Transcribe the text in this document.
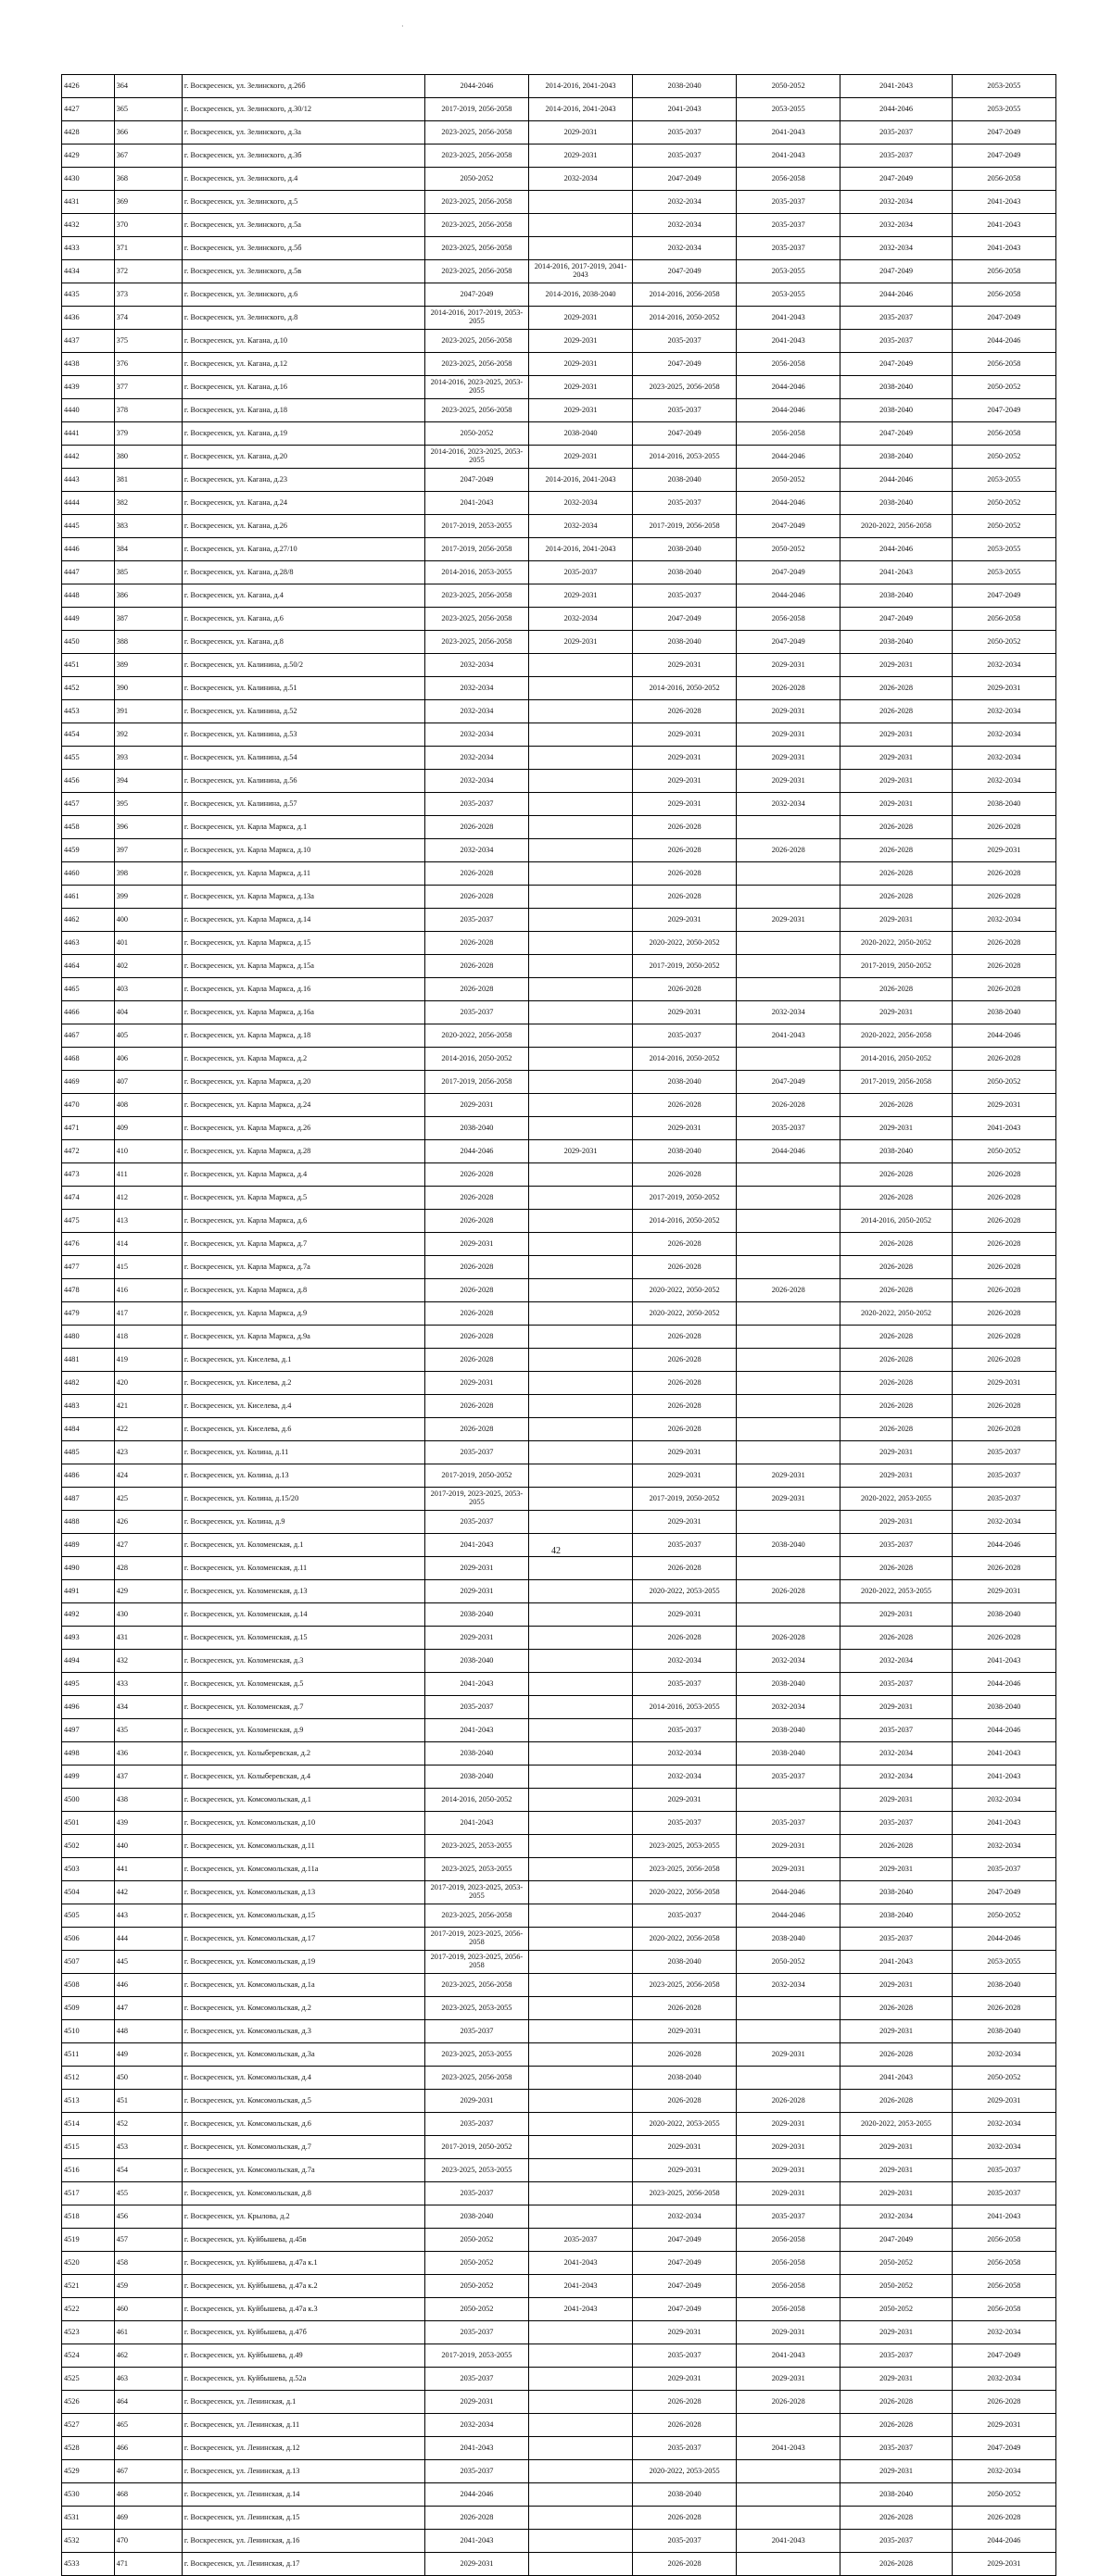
·
4426	364	г. Воскресенск, ул. Зелинского, д.26б	2044-2046	2014-2016, 2041-2043	2038-2040	2050-2052	2041-2043	2053-2055
4427	365	г. Воскресенск, ул. Зелинского, д.30/12	2017-2019, 2056-2058	2014-2016, 2041-2043	2041-2043	2053-2055	2044-2046	2053-2055
4428	366	г. Воскресенск, ул. Зелинского, д.3а	2023-2025, 2056-2058	2029-2031	2035-2037	2041-2043	2035-2037	2047-2049
4429	367	г. Воскресенск, ул. Зелинского, д.3б	2023-2025, 2056-2058	2029-2031	2035-2037	2041-2043	2035-2037	2047-2049
4430	368	г. Воскресенск, ул. Зелинского, д.4	2050-2052	2032-2034	2047-2049	2056-2058	2047-2049	2056-2058
4431	369	г. Воскресенск, ул. Зелинского, д.5	2023-2025, 2056-2058		2032-2034	2035-2037	2032-2034	2041-2043
4432	370	г. Воскресенск, ул. Зелинского, д.5а	2023-2025, 2056-2058		2032-2034	2035-2037	2032-2034	2041-2043
4433	371	г. Воскресенск, ул. Зелинского, д.5б	2023-2025, 2056-2058		2032-2034	2035-2037	2032-2034	2041-2043
4434	372	г. Воскресенск, ул. Зелинского, д.5в	2023-2025, 2056-2058	2014-2016, 2017-2019, 2041-2043	2047-2049	2053-2055	2047-2049	2056-2058
4435	373	г. Воскресенск, ул. Зелинского, д.6	2047-2049	2014-2016, 2038-2040	2014-2016, 2056-2058	2053-2055	2044-2046	2056-2058
4436	374	г. Воскресенск, ул. Зелинского, д.8	2014-2016, 2017-2019, 2053-2055	2029-2031	2014-2016, 2050-2052	2041-2043	2035-2037	2047-2049
4437	375	г. Воскресенск, ул. Кагана, д.10	2023-2025, 2056-2058	2029-2031	2035-2037	2041-2043	2035-2037	2044-2046
4438	376	г. Воскресенск, ул. Кагана, д.12	2023-2025, 2056-2058	2029-2031	2047-2049	2056-2058	2047-2049	2056-2058
4439	377	г. Воскресенск, ул. Кагана, д.16	2014-2016, 2023-2025, 2053-2055	2029-2031	2023-2025, 2056-2058	2044-2046	2038-2040	2050-2052
4440	378	г. Воскресенск, ул. Кагана, д.18	2023-2025, 2056-2058	2029-2031	2035-2037	2044-2046	2038-2040	2047-2049
4441	379	г. Воскресенск, ул. Кагана, д.19	2050-2052	2038-2040	2047-2049	2056-2058	2047-2049	2056-2058
4442	380	г. Воскресенск, ул. Кагана, д.20	2014-2016, 2023-2025, 2053-2055	2029-2031	2014-2016, 2053-2055	2044-2046	2038-2040	2050-2052
4443	381	г. Воскресенск, ул. Кагана, д.23	2047-2049	2014-2016, 2041-2043	2038-2040	2050-2052	2044-2046	2053-2055
4444	382	г. Воскресенск, ул. Кагана, д.24	2041-2043	2032-2034	2035-2037	2044-2046	2038-2040	2050-2052
4445	383	г. Воскресенск, ул. Кагана, д.26	2017-2019, 2053-2055	2032-2034	2017-2019, 2056-2058	2047-2049	2020-2022, 2056-2058	2050-2052
4446	384	г. Воскресенск, ул. Кагана, д.27/10	2017-2019, 2056-2058	2014-2016, 2041-2043	2038-2040	2050-2052	2044-2046	2053-2055
4447	385	г. Воскресенск, ул. Кагана, д.28/8	2014-2016, 2053-2055	2035-2037	2038-2040	2047-2049	2041-2043	2053-2055
4448	386	г. Воскресенск, ул. Кагана, д.4	2023-2025, 2056-2058	2029-2031	2035-2037	2044-2046	2038-2040	2047-2049
4449	387	г. Воскресенск, ул. Кагана, д.6	2023-2025, 2056-2058	2032-2034	2047-2049	2056-2058	2047-2049	2056-2058
4450	388	г. Воскресенск, ул. Кагана, д.8	2023-2025, 2056-2058	2029-2031	2038-2040	2047-2049	2038-2040	2050-2052
4451	389	г. Воскресенск, ул. Калинина, д.50/2	2032-2034		2029-2031	2029-2031	2029-2031	2032-2034
4452	390	г. Воскресенск, ул. Калинина, д.51	2032-2034		2014-2016, 2050-2052	2026-2028	2026-2028	2029-2031
4453	391	г. Воскресенск, ул. Калинина, д.52	2032-2034		2026-2028	2029-2031	2026-2028	2032-2034
4454	392	г. Воскресенск, ул. Калинина, д.53	2032-2034		2029-2031	2029-2031	2029-2031	2032-2034
4455	393	г. Воскресенск, ул. Калинина, д.54	2032-2034		2029-2031	2029-2031	2029-2031	2032-2034
4456	394	г. Воскресенск, ул. Калинина, д.56	2032-2034		2029-2031	2029-2031	2029-2031	2032-2034
4457	395	г. Воскресенск, ул. Калинина, д.57	2035-2037		2029-2031	2032-2034	2029-2031	2038-2040
4458	396	г. Воскресенск, ул. Карла Маркса, д.1	2026-2028		2026-2028		2026-2028	2026-2028
4459	397	г. Воскресенск, ул. Карла Маркса, д.10	2032-2034		2026-2028	2026-2028	2026-2028	2029-2031
4460	398	г. Воскресенск, ул. Карла Маркса, д.11	2026-2028		2026-2028		2026-2028	2026-2028
4461	399	г. Воскресенск, ул. Карла Маркса, д.13а	2026-2028		2026-2028		2026-2028	2026-2028
4462	400	г. Воскресенск, ул. Карла Маркса, д.14	2035-2037		2029-2031	2029-2031	2029-2031	2032-2034
4463	401	г. Воскресенск, ул. Карла Маркса, д.15	2026-2028		2020-2022, 2050-2052		2020-2022, 2050-2052	2026-2028
4464	402	г. Воскресенск, ул. Карла Маркса, д.15а	2026-2028		2017-2019, 2050-2052		2017-2019, 2050-2052	2026-2028
4465	403	г. Воскресенск, ул. Карла Маркса, д.16	2026-2028		2026-2028		2026-2028	2026-2028
4466	404	г. Воскресенск, ул. Карла Маркса, д.16а	2035-2037		2029-2031	2032-2034	2029-2031	2038-2040
4467	405	г. Воскресенск, ул. Карла Маркса, д.18	2020-2022, 2056-2058		2035-2037	2041-2043	2020-2022, 2056-2058	2044-2046
4468	406	г. Воскресенск, ул. Карла Маркса, д.2	2014-2016, 2050-2052		2014-2016, 2050-2052		2014-2016, 2050-2052	2026-2028
4469	407	г. Воскресенск, ул. Карла Маркса, д.20	2017-2019, 2056-2058		2038-2040	2047-2049	2017-2019, 2056-2058	2050-2052
4470	408	г. Воскресенск, ул. Карла Маркса, д.24	2029-2031		2026-2028	2026-2028	2026-2028	2029-2031
4471	409	г. Воскресенск, ул. Карла Маркса, д.26	2038-2040		2029-2031	2035-2037	2029-2031	2041-2043
4472	410	г. Воскресенск, ул. Карла Маркса, д.28	2044-2046	2029-2031	2038-2040	2044-2046	2038-2040	2050-2052
4473	411	г. Воскресенск, ул. Карла Маркса, д.4	2026-2028		2026-2028		2026-2028	2026-2028
4474	412	г. Воскресенск, ул. Карла Маркса, д.5	2026-2028		2017-2019, 2050-2052		2026-2028	2026-2028
4475	413	г. Воскресенск, ул. Карла Маркса, д.6	2026-2028		2014-2016, 2050-2052		2014-2016, 2050-2052	2026-2028
4476	414	г. Воскресенск, ул. Карла Маркса, д.7	2029-2031		2026-2028		2026-2028	2026-2028
4477	415	г. Воскресенск, ул. Карла Маркса, д.7а	2026-2028		2026-2028		2026-2028	2026-2028
4478	416	г. Воскресенск, ул. Карла Маркса, д.8	2026-2028		2020-2022, 2050-2052	2026-2028	2026-2028	2026-2028
4479	417	г. Воскресенск, ул. Карла Маркса, д.9	2026-2028		2020-2022, 2050-2052		2020-2022, 2050-2052	2026-2028
4480	418	г. Воскресенск, ул. Карла Маркса, д.9а	2026-2028		2026-2028		2026-2028	2026-2028
4481	419	г. Воскресенск, ул. Киселева, д.1	2026-2028		2026-2028		2026-2028	2026-2028
4482	420	г. Воскресенск, ул. Киселева, д.2	2029-2031		2026-2028		2026-2028	2029-2031
4483	421	г. Воскресенск, ул. Киселева, д.4	2026-2028		2026-2028		2026-2028	2026-2028
4484	422	г. Воскресенск, ул. Киселева, д.6	2026-2028		2026-2028		2026-2028	2026-2028
4485	423	г. Воскресенск, ул. Колина, д.11	2035-2037		2029-2031		2029-2031	2035-2037
4486	424	г. Воскресенск, ул. Колина, д.13	2017-2019, 2050-2052		2029-2031	2029-2031	2029-2031	2035-2037
4487	425	г. Воскресенск, ул. Колина, д.15/20	2017-2019, 2023-2025, 2053-2055		2017-2019, 2050-2052	2029-2031	2020-2022, 2053-2055	2035-2037
4488	426	г. Воскресенск, ул. Колина, д.9	2035-2037		2029-2031		2029-2031	2032-2034
4489	427	г. Воскресенск, ул. Коломенская, д.1	2041-2043		2035-2037	2038-2040	2035-2037	2044-2046
4490	428	г. Воскресенск, ул. Коломенская, д.11	2029-2031		2026-2028		2026-2028	2026-2028
4491	429	г. Воскресенск, ул. Коломенская, д.13	2029-2031		2020-2022, 2053-2055	2026-2028	2020-2022, 2053-2055	2029-2031
4492	430	г. Воскресенск, ул. Коломенская, д.14	2038-2040		2029-2031		2029-2031	2038-2040
4493	431	г. Воскресенск, ул. Коломенская, д.15	2029-2031		2026-2028	2026-2028	2026-2028	2026-2028
4494	432	г. Воскресенск, ул. Коломенская, д.3	2038-2040		2032-2034	2032-2034	2032-2034	2041-2043
4495	433	г. Воскресенск, ул. Коломенская, д.5	2041-2043		2035-2037	2038-2040	2035-2037	2044-2046
4496	434	г. Воскресенск, ул. Коломенская, д.7	2035-2037		2014-2016, 2053-2055	2032-2034	2029-2031	2038-2040
4497	435	г. Воскресенск, ул. Коломенская, д.9	2041-2043		2035-2037	2038-2040	2035-2037	2044-2046
4498	436	г. Воскресенск, ул. Колыберевская, д.2	2038-2040		2032-2034	2038-2040	2032-2034	2041-2043
4499	437	г. Воскресенск, ул. Колыберевская, д.4	2038-2040		2032-2034	2035-2037	2032-2034	2041-2043
4500	438	г. Воскресенск, ул. Комсомольская, д.1	2014-2016, 2050-2052		2029-2031		2029-2031	2032-2034
4501	439	г. Воскресенск, ул. Комсомольская, д.10	2041-2043		2035-2037	2035-2037	2035-2037	2041-2043
4502	440	г. Воскресенск, ул. Комсомольская, д.11	2023-2025, 2053-2055		2023-2025, 2053-2055	2029-2031	2026-2028	2032-2034
4503	441	г. Воскресенск, ул. Комсомольская, д.11а	2023-2025, 2053-2055		2023-2025, 2056-2058	2029-2031	2029-2031	2035-2037
4504	442	г. Воскресенск, ул. Комсомольская, д.13	2017-2019, 2023-2025, 2053-2055		2020-2022, 2056-2058	2044-2046	2038-2040	2047-2049
4505	443	г. Воскресенск, ул. Комсомольская, д.15	2023-2025, 2056-2058		2035-2037	2044-2046	2038-2040	2050-2052
4506	444	г. Воскресенск, ул. Комсомольская, д.17	2017-2019, 2023-2025, 2056-2058		2020-2022, 2056-2058	2038-2040	2035-2037	2044-2046
4507	445	г. Воскресенск, ул. Комсомольская, д.19	2017-2019, 2023-2025, 2056-2058		2038-2040	2050-2052	2041-2043	2053-2055
4508	446	г. Воскресенск, ул. Комсомольская, д.1а	2023-2025, 2056-2058		2023-2025, 2056-2058	2032-2034	2029-2031	2038-2040
4509	447	г. Воскресенск, ул. Комсомольская, д.2	2023-2025, 2053-2055		2026-2028		2026-2028	2026-2028
4510	448	г. Воскресенск, ул. Комсомольская, д.3	2035-2037		2029-2031		2029-2031	2038-2040
4511	449	г. Воскресенск, ул. Комсомольская, д.3а	2023-2025, 2053-2055		2026-2028	2029-2031	2026-2028	2032-2034
4512	450	г. Воскресенск, ул. Комсомольская, д.4	2023-2025, 2056-2058		2038-2040		2041-2043	2050-2052
4513	451	г. Воскресенск, ул. Комсомольская, д.5	2029-2031		2026-2028	2026-2028	2026-2028	2029-2031
4514	452	г. Воскресенск, ул. Комсомольская, д.6	2035-2037		2020-2022, 2053-2055	2029-2031	2020-2022, 2053-2055	2032-2034
4515	453	г. Воскресенск, ул. Комсомольская, д.7	2017-2019, 2050-2052		2029-2031	2029-2031	2029-2031	2032-2034
4516	454	г. Воскресенск, ул. Комсомольская, д.7а	2023-2025, 2053-2055		2029-2031	2029-2031	2029-2031	2035-2037
4517	455	г. Воскресенск, ул. Комсомольская, д.8	2035-2037		2023-2025, 2056-2058	2029-2031	2029-2031	2035-2037
4518	456	г. Воскресенск, ул. Крылова, д.2	2038-2040		2032-2034	2035-2037	2032-2034	2041-2043
4519	457	г. Воскресенск, ул. Куйбышева, д.45в	2050-2052	2035-2037	2047-2049	2056-2058	2047-2049	2056-2058
4520	458	г. Воскресенск, ул. Куйбышева, д.47а к.1	2050-2052	2041-2043	2047-2049	2056-2058	2050-2052	2056-2058
4521	459	г. Воскресенск, ул. Куйбышева, д.47а к.2	2050-2052	2041-2043	2047-2049	2056-2058	2050-2052	2056-2058
4522	460	г. Воскресенск, ул. Куйбышева, д.47а к.3	2050-2052	2041-2043	2047-2049	2056-2058	2050-2052	2056-2058
4523	461	г. Воскресенск, ул. Куйбышева, д.47б	2035-2037		2029-2031	2029-2031	2029-2031	2032-2034
4524	462	г. Воскресенск, ул. Куйбышева, д.49	2017-2019, 2053-2055		2035-2037	2041-2043	2035-2037	2047-2049
4525	463	г. Воскресенск, ул. Куйбышева, д.52а	2035-2037		2029-2031	2029-2031	2029-2031	2032-2034
4526	464	г. Воскресенск, ул. Ленинская, д.1	2029-2031		2026-2028	2026-2028	2026-2028	2026-2028
4527	465	г. Воскресенск, ул. Ленинская, д.11	2032-2034		2026-2028		2026-2028	2029-2031
4528	466	г. Воскресенск, ул. Ленинская, д.12	2041-2043		2035-2037	2041-2043	2035-2037	2047-2049
4529	467	г. Воскресенск, ул. Ленинская, д.13	2035-2037		2020-2022, 2053-2055		2029-2031	2032-2034
4530	468	г. Воскресенск, ул. Ленинская, д.14	2044-2046		2038-2040		2038-2040	2050-2052
4531	469	г. Воскресенск, ул. Ленинская, д.15	2026-2028		2026-2028		2026-2028	2026-2028
4532	470	г. Воскресенск, ул. Ленинская, д.16	2041-2043		2035-2037	2041-2043	2035-2037	2044-2046
4533	471	г. Воскресенск, ул. Ленинская, д.17	2029-2031		2026-2028		2026-2028	2029-2031
42
